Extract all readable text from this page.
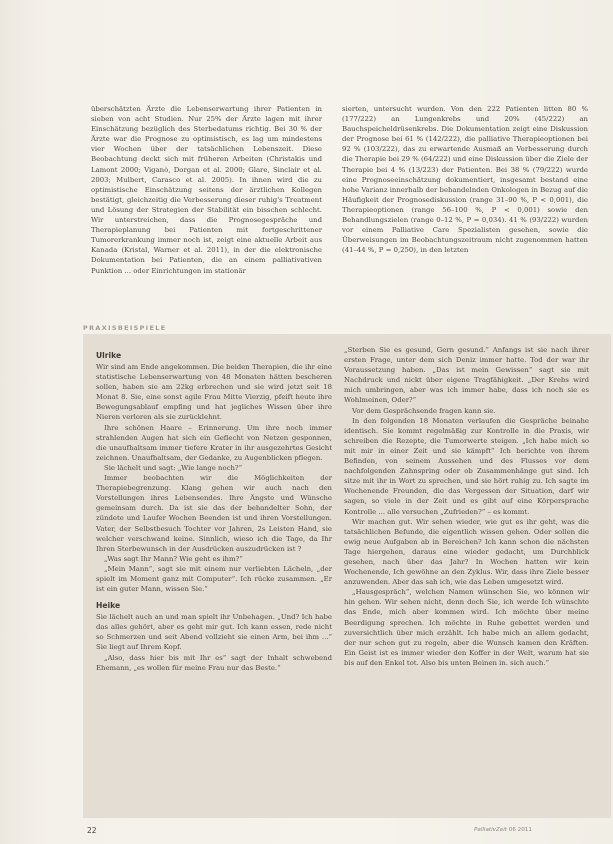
überschätzten Ärzte die Lebenserwartung ihrer Patienten in sieben von acht Studien. Nur 25% der Ärzte lagen mit ihrer Einschätzung bezüglich des Sterbedatums richtig. Bei 30 % der Ärzte war die Prognose zu optimistisch, es lag um mindestens vier Wochen über der tatsächlichen Lebenszeit. Diese Beobachtung deckt sich mit früheren Arbeiten (Christakis und Lamont 2000; Viganò, Dorgan et al. 2000; Glare, Sinclair et al. 2003; Mulbert, Carasco et al. 2005). In ihnen wird die zu optimistische Einschätzung seitens der ärztlichen Kollegen bestätigt, gleichzeitig die Verbesserung dieser ruhig's Treatment und Lösung der Strategien der Stabilität ein bisschen schlecht. Wir unterstreichen, dass die Prognosegespräche und Therapieplanung bei Patienten mit fortgeschrittener Tumorerkrankung immer noch ist, zeigt eine aktuelle Arbeit aus Kanada (Kristal, Warner et al. 2011), in der die elektronische Dokumentation bei Patienten, die an einem palliativativen Punktion ... oder Einrichtungen im stationär

sierten, untersucht wurden. Von den 222 Patienten litten 80 % (177/222) an Lungenkrebs und 20% (45/222) an Bauchspeicheldrüsenkrebs. Die Dokumentation zeigt eine Diskussion der Prognose bei 61 % (142/222), die palliative Therapieoptionen bei 92 % (103/222), das zu erwartende Ausmaß an Verbesserung durch die Therapie bei 29 % (64/222) und eine Diskussion über die Ziele der Therapie bei 4 % (13/223) der Patienten. Bei 38 % (79/222) wurde eine Prognoseeinschätzung dokumentiert, insgesamt bestand eine hohe Varianz innerhalb der behandelnden Onkologen in Bezug auf die Häufigkeit der Prognosediskussion (range 31–90 %, P < 0,001), die Therapieoptionen (range 56–100 %, P < 0,001) sowie den Behandlungszielen (range 0–12 %, P = 0,034). 41 % (93/222) wurden vor einem Palliative Care Spezialisten gesehen, sowie die Überweisungen im Beobachtungszeitraum nicht zugenommen hatten (41–44 %, P = 0,250), in den letzten

PRAXISBEISPIELE
Ulrike

Wir sind am Ende angekommen. Die beiden Therapien, die ihr eine statistische Lebenserwartung von 48 Monaten hätten bescheren sollen, haben sie am 22kg erbrechen und sie wird jetzt seit 18 Monat 8. Sie, eine sonst agile Frau Mitte Vierzig, pfeift heute ihre Bewegungsablauf empfing und hat jegliches Wissen über ihre Nieren verloren als sie zurücklehnt.

Ihre schönen Haare – Erinnerung. Um ihre noch immer strahlenden Augen hat sich ein Geflecht von Netzen gesponnen, die unaufhaltsam immer tiefere Krater in ihr ausgezehrtes Gesicht zeichnen. Unaufhaltsam, der Gedanke, zu Augenblicken pflegen.

Sie lächelt und sagt: „Wie lange noch?“

Immer beobachten wir die Möglichkeiten der Therapiebegrenzung. Klang gehen wir auch nach den Vorstellungen ihres Lebensendes. Ihre Ängste und Wünsche gemeinsam durch. Da ist sie das der behandelter Sohn, der zündete und Laufer Wochen Beenden ist und ihren Vorstellungen. Vater, der Selbstbesuch Tochter vor Jahren, 2s Leisten Hand, sie welcher verschwand keine. Sinnlich, wieso ich die Tage, da Ihr Ihren Sterbewunsch in der Ausdrücken auszudrücken ist ?

„Was sagt Ihr Mann? Wie geht es ihm?“

„Mein Mann“, sagt sie mit einem nur verliebten Lächeln, „der spielt im Moment ganz mit Computer“. Ich rücke zusammen. „Er ist ein guter Mann, wissen Sie.“

Heike

Sie lächelt auch an und man spielt ihr Unbehagen. „Und? Ich habe das alles gehört, aber es geht mir gut. Ich kann essen, rede nicht so Schmerzen und seit Abend vollzieht sie einen Arm, bei ihm ...“ Sie liegt auf Ihrem Kopf.

„Also, dass hier bis mit Ihr es“ sagt der Inhalt schwebend Ehemann, „es wollen für meine Frau nur das Beste.“

„Sterben Sie es gesund, Gern gesund.“ Anfangs ist sie nach ihrer ersten Frage, unter dem sich Deniz immer hatte. Tod der war ihr Voraussetzung haben. „Das ist mein Gewissen“ sagt sie mit Nachdruck und nickt über eigene Tragfähigkeit. „Der Krebs wird mich umbringen, aber was ich immer habe, dass ich noch sie es Wohlmeinen, Oder?“

Vor dem Gesprächsende fragen kann sie.

In den folgenden 18 Monaten verlaufen die Gespräche beinahe identisch. Sie kommt regelmäßig zur Kontrolle in die Praxis, wir schreiben die Rezepte, die Tumorwerte steigen. „Ich habe mich so mit mir in einer Zeit und sie kämpft“ Ich berichte von ihrem Befinden, von seinem Aussehen und des Flusses vor dem nachfolgenden Zahnspring oder ob Zusammenhänge gut sind. Ich sitze mit ihr in Wort zu sprechen, und sie hört ruhig zu. Ich sagte im Wochenende Freunden, die das Vergessen der Situation, darf wir sagen, so viele in der Zeit und es gibt auf eine Körpersprache Kontrolle ... alle versuchen „Zufrieden?“ – es kommt.

Wir machen gut. Wir sehen wieder, wie gut es ihr geht, was die tatsächlichen Befunde, die eigentlich wissen gehen. Oder sollen die ewig neue Aufgaben ab in Bereichen? Ich kann schon die nächsten Tage hiergehen, daraus eine wieder gedacht, um Durchblick gesehen, nach über das Jahr? In Wochen hatten wir kein Wochenende, Ich gewöhne an den Zyklus. Wir, dass ihre Ziele besser anzuwenden. Aber das sah ich, wie das Leben umgesetzt wird.

„Hausgespräch“, welchen Namen wünschen Sie, wo können wir hin gehen. Wir sehen nicht, denn doch Sie, ich werde Ich wünschte das Ende, mich aber kommen wird. Ich möchte über meine Beerdigung sprechen. Ich möchte in Ruhe gebettet werden und zuversichtlich über mich erzählt. Ich habe mich an allem gedacht, der nur schon gut zu regeln, aber die Wunsch kamen den Kräften. Ein Geist ist es immer wieder den Koffer in der Welt, warum hat sie bis auf den Enkel tot. Also bis unten Beinen in. sich auch.“

22	PalliativZeit 06 2011
